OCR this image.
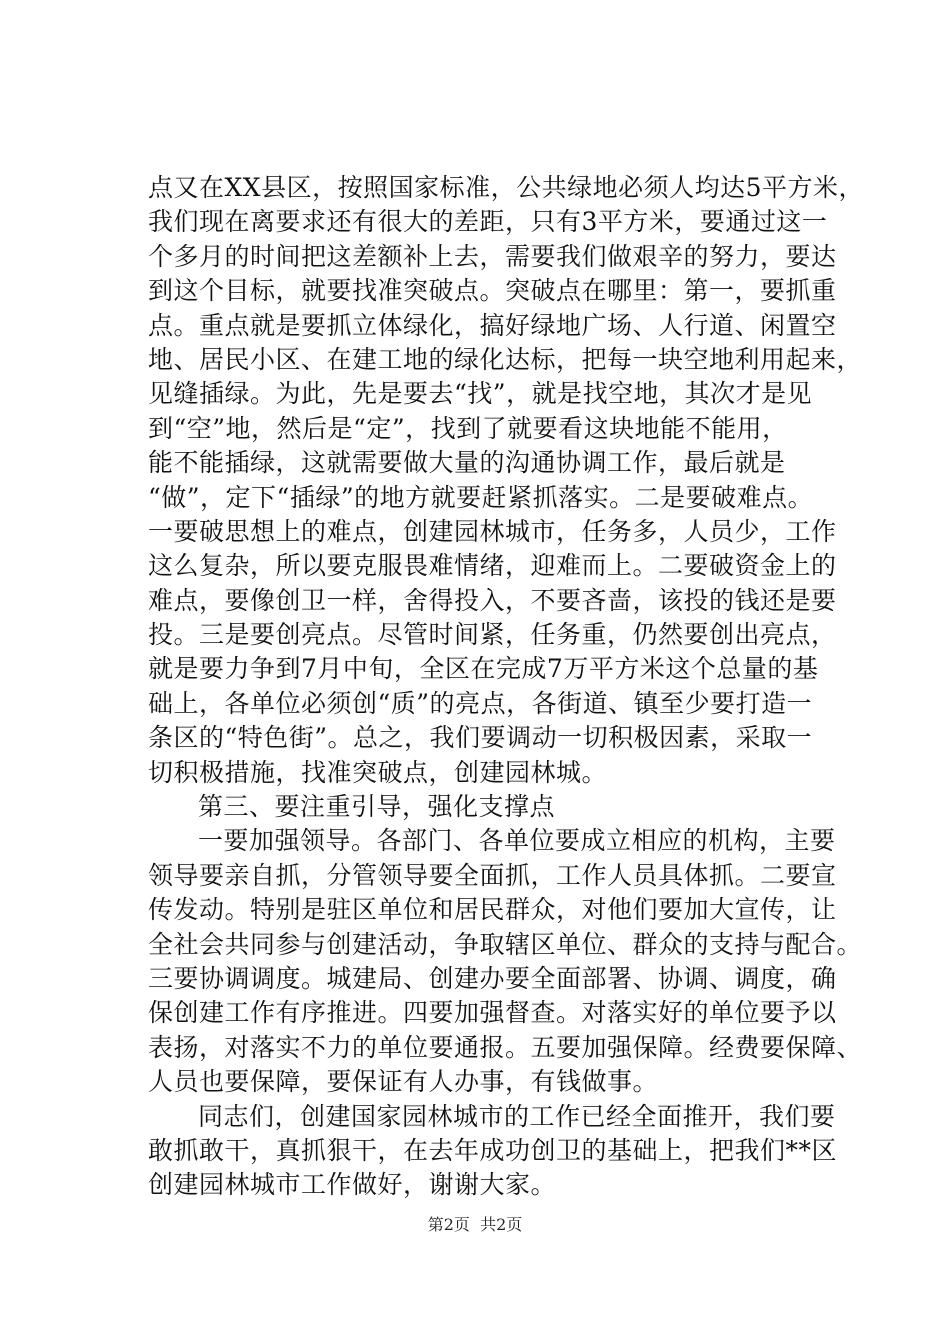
点又在XX县区，按照国家标准，公共绿地必须人均达5平方米，
我们现在离要求还有很大的差距，只有3平方米，要通过这一
个多月的时间把这差额补上去，需要我们做艰辛的努力，要达
到这个目标，就要找准突破点。突破点在哪里：第一，要抓重
点。重点就是要抓立体绿化，搞好绿地广场、人行道、闲置空
地、居民小区、在建工地的绿化达标，把每一块空地利用起来，
见缝插绿。为此，先是要去“找”，就是找空地，其次才是见
到“空”地，然后是“定”，找到了就要看这块地能不能用，
能不能插绿，这就需要做大量的沟通协调工作，最后就是
“做”，定下“插绿”的地方就要赶紧抓落实。二是要破难点。
一要破思想上的难点，创建园林城市，任务多，人员少，工作
这么复杂，所以要克服畏难情绪，迎难而上。二要破资金上的
难点，要像创卫一样，舍得投入，不要吝啬，该投的钱还是要
投。三是要创亮点。尽管时间紧，任务重，仍然要创出亮点，
就是要力争到7月中旬，全区在完成7万平方米这个总量的基
础上，各单位必须创“质”的亮点，各街道、镇至少要打造一
条区的“特色街”。总之，我们要调动一切积极因素，采取一
切积极措施，找准突破点，创建园林城。
第三、要注重引导，强化支撑点
一要加强领导。各部门、各单位要成立相应的机构，主要
领导要亲自抓，分管领导要全面抓，工作人员具体抓。二要宣
传发动。特别是驻区单位和居民群众，对他们要加大宣传，让
全社会共同参与创建活动，争取辖区单位、群众的支持与配合。
三要协调调度。城建局、创建办要全面部署、协调、调度，确
保创建工作有序推进。四要加强督查。对落实好的单位要予以
表扬，对落实不力的单位要通报。五要加强保障。经费要保障、
人员也要保障，要保证有人办事，有钱做事。
同志们，创建国家园林城市的工作已经全面推开，我们要
敢抓敢干，真抓狠干，在去年成功创卫的基础上，把我们**区
创建园林城市工作做好，谢谢大家。
第2页  共2页
